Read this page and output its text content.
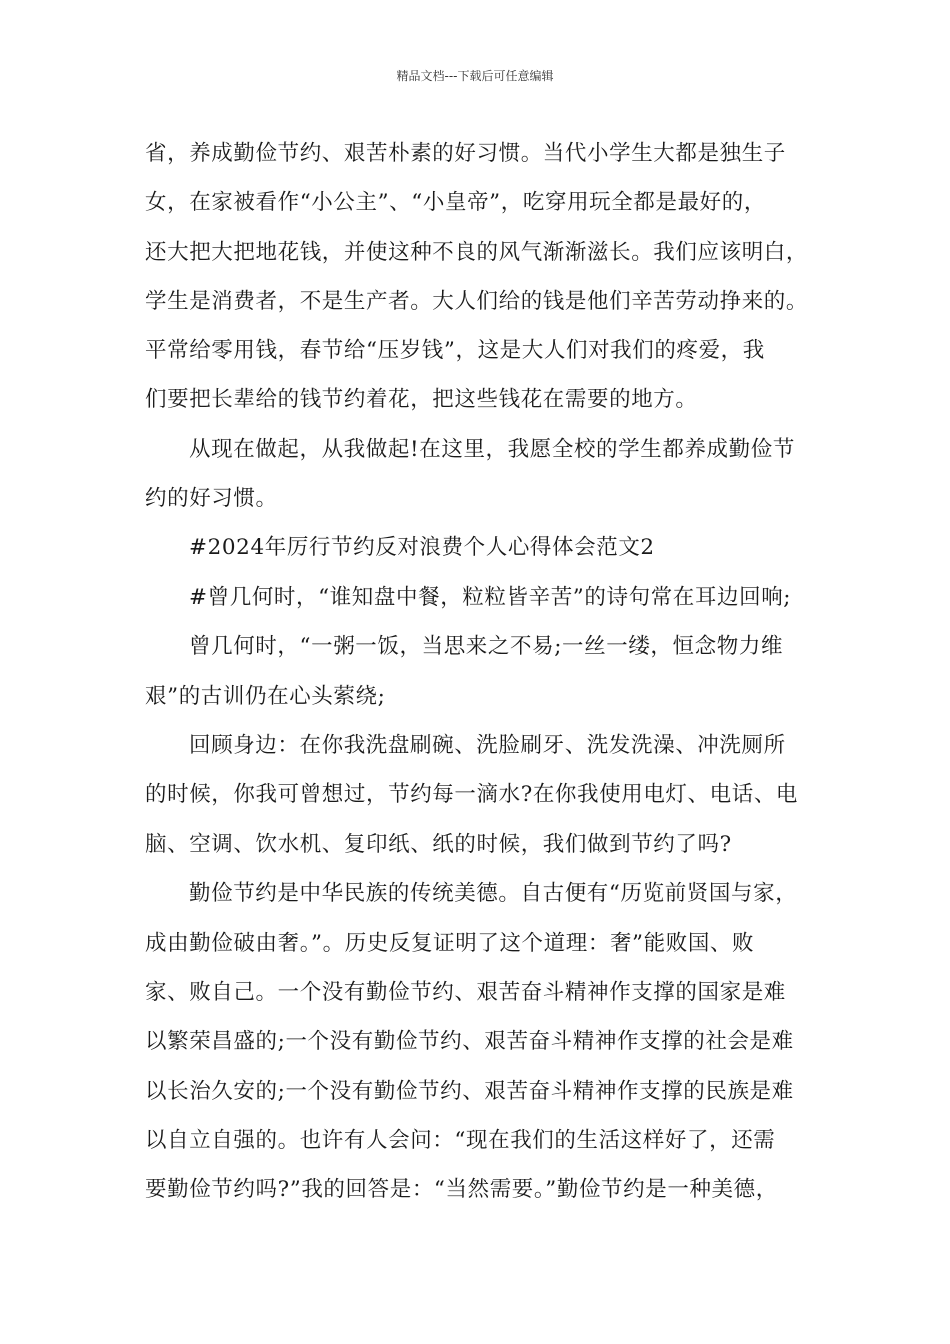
精品文档---下载后可任意编辑
省，养成勤俭节约、艰苦朴素的好习惯。当代小学生大都是独生子
女，在家被看作“小公主”、“小皇帝”，吃穿用玩全都是最好的，
还大把大把地花钱，并使这种不良的风气渐渐滋长。我们应该明白，
学生是消费者，不是生产者。大人们给的钱是他们辛苦劳动挣来的。
平常给零用钱，春节给“压岁钱”，这是大人们对我们的疼爱，我
们要把长辈给的钱节约着花，把这些钱花在需要的地方。
从现在做起，从我做起!在这里，我愿全校的学生都养成勤俭节
约的好习惯。
#2024年厉行节约反对浪费个人心得体会范文2
#曾几何时，“谁知盘中餐，粒粒皆辛苦”的诗句常在耳边回响;
曾几何时，“一粥一饭，当思来之不易;一丝一缕，恒念物力维
艰”的古训仍在心头萦绕;
回顾身边：在你我洗盘刷碗、洗脸刷牙、洗发洗澡、冲洗厕所
的时候，你我可曾想过，节约每一滴水?在你我使用电灯、电话、电
脑、空调、饮水机、复印纸、纸的时候，我们做到节约了吗?
勤俭节约是中华民族的传统美德。自古便有“历览前贤国与家，
成由勤俭破由奢。”。历史反复证明了这个道理：奢”能败国、败
家、败自己。一个没有勤俭节约、艰苦奋斗精神作支撑的国家是难
以繁荣昌盛的;一个没有勤俭节约、艰苦奋斗精神作支撑的社会是难
以长治久安的;一个没有勤俭节约、艰苦奋斗精神作支撑的民族是难
以自立自强的。也许有人会问：“现在我们的生活这样好了，还需
要勤俭节约吗?”我的回答是：“当然需要。”勤俭节约是一种美德，
